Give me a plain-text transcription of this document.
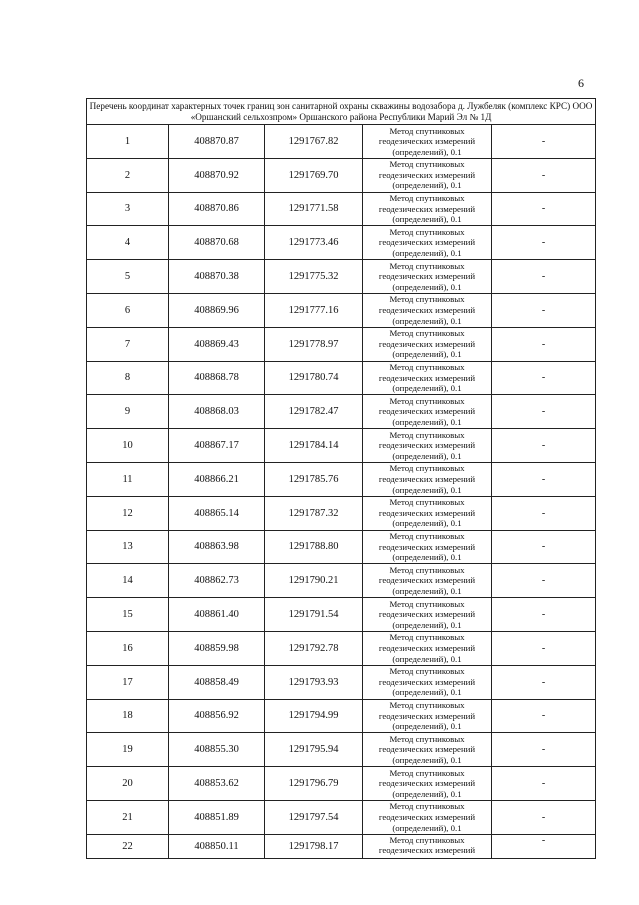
6
Перечень координат характерных точек границ зон санитарной охраны скважины водозабора д. Лужбеляк (комплекс КРС) ООО «Оршанский сельхозпром» Оршанского района Республики Марий Эл № 1Д				
1	408870.87	1291767.82	Метод спутниковых
геодезических измерений
(определений), 0.1	-
2	408870.92	1291769.70	Метод спутниковых
геодезических измерений
(определений), 0.1	-
3	408870.86	1291771.58	Метод спутниковых
геодезических измерений
(определений), 0.1	-
4	408870.68	1291773.46	Метод спутниковых
геодезических измерений
(определений), 0.1	-
5	408870.38	1291775.32	Метод спутниковых
геодезических измерений
(определений), 0.1	-
6	408869.96	1291777.16	Метод спутниковых
геодезических измерений
(определений), 0.1	-
7	408869.43	1291778.97	Метод спутниковых
геодезических измерений
(определений), 0.1	-
8	408868.78	1291780.74	Метод спутниковых
геодезических измерений
(определений), 0.1	-
9	408868.03	1291782.47	Метод спутниковых
геодезических измерений
(определений), 0.1	-
10	408867.17	1291784.14	Метод спутниковых
геодезических измерений
(определений), 0.1	-
11	408866.21	1291785.76	Метод спутниковых
геодезических измерений
(определений), 0.1	-
12	408865.14	1291787.32	Метод спутниковых
геодезических измерений
(определений), 0.1	-
13	408863.98	1291788.80	Метод спутниковых
геодезических измерений
(определений), 0.1	-
14	408862.73	1291790.21	Метод спутниковых
геодезических измерений
(определений), 0.1	-
15	408861.40	1291791.54	Метод спутниковых
геодезических измерений
(определений), 0.1	-
16	408859.98	1291792.78	Метод спутниковых
геодезических измерений
(определений), 0.1	-
17	408858.49	1291793.93	Метод спутниковых
геодезических измерений
(определений), 0.1	-
18	408856.92	1291794.99	Метод спутниковых
геодезических измерений
(определений), 0.1	-
19	408855.30	1291795.94	Метод спутниковых
геодезических измерений
(определений), 0.1	-
20	408853.62	1291796.79	Метод спутниковых
геодезических измерений
(определений), 0.1	-
21	408851.89	1291797.54	Метод спутниковых
геодезических измерений
(определений), 0.1	-
22	408850.11	1291798.17	Метод спутниковых
геодезических измерений	-
